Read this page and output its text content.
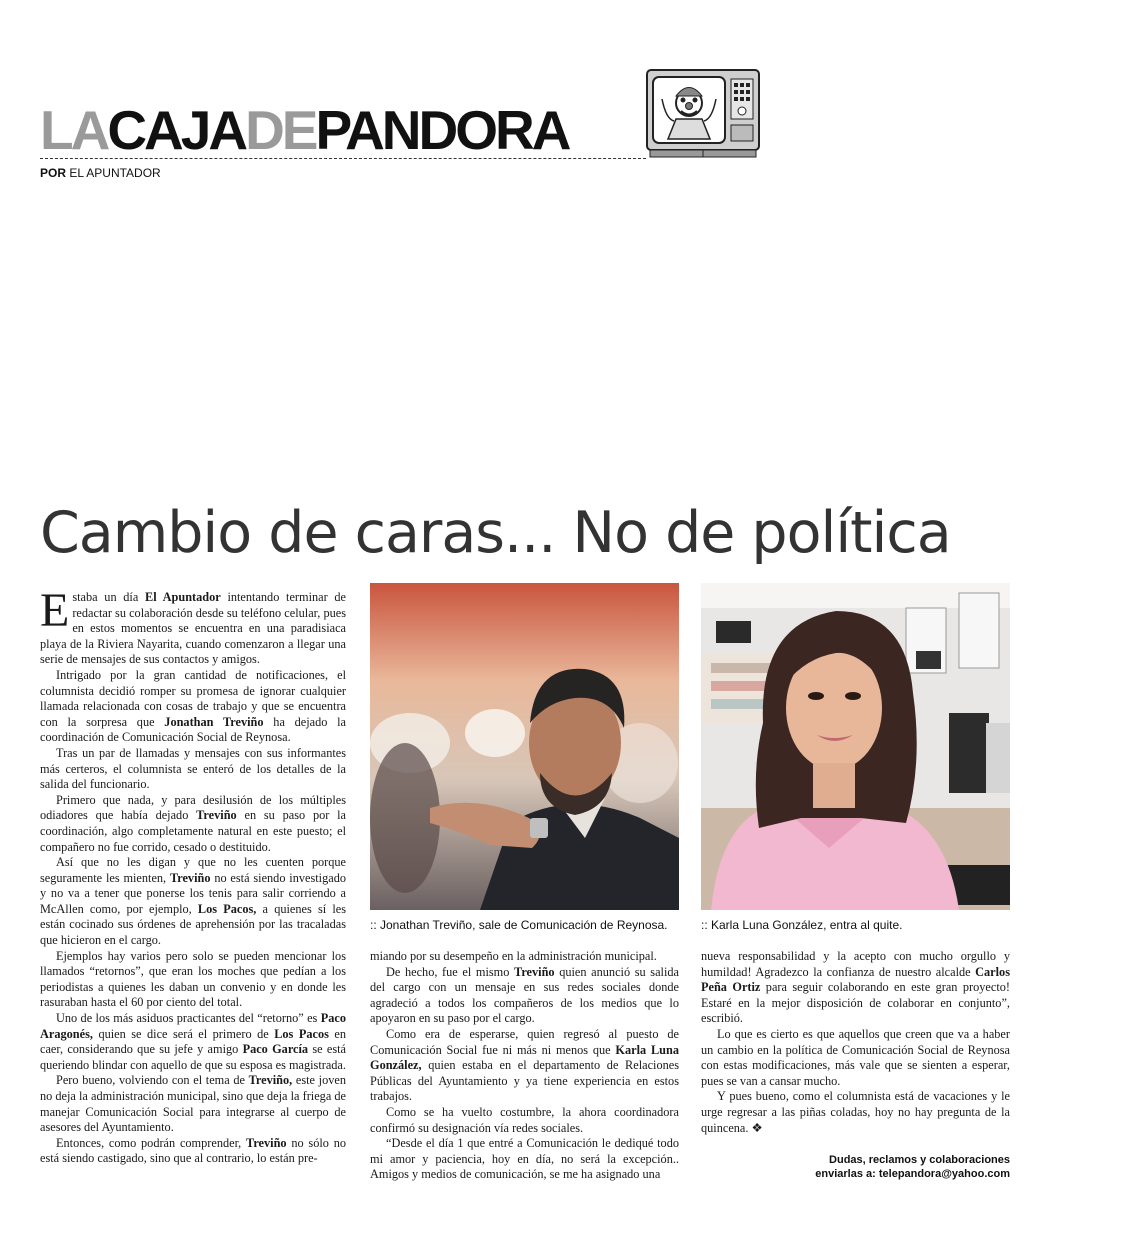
LACAJADEPANDORA
POR EL APUNTADOR
Cambio de caras... No de política
E staba un día El Apuntador intentando terminar de redactar su colaboración desde su teléfono celular, pues en estos momentos se encuentra en una paradisiaca playa de la Riviera Nayarita, cuando comenzaron a llegar una serie de mensajes de sus contactos y amigos.

Intrigado por la gran cantidad de notificaciones, el columnista decidió romper su promesa de ignorar cualquier llamada relacionada con cosas de trabajo y que se encuentra con la sorpresa que Jonathan Treviño ha dejado la coordinación de Comunicación Social de Reynosa.

Tras un par de llamadas y mensajes con sus informantes más certeros, el columnista se enteró de los detalles de la salida del funcionario.

Primero que nada, y para desilusión de los múltiples odiadores que había dejado Treviño en su paso por la coordinación, algo completamente natural en este puesto; el compañero no fue corrido, cesado o destituido.

Así que no les digan y que no les cuenten porque seguramente les mienten, Treviño no está siendo investigado y no va a tener que ponerse los tenis para salir corriendo a McAllen como, por ejemplo, Los Pacos, a quienes sí les están cocinado sus órdenes de aprehensión por las tracaladas que hicieron en el cargo.

Ejemplos hay varios pero solo se pueden mencionar los llamados “retornos”, que eran los moches que pedían a los periodistas a quienes les daban un convenio y en donde les rasuraban hasta el 60 por ciento del total.

Uno de los más asiduos practicantes del “retorno” es Paco Aragonés, quien se dice será el primero de Los Pacos en caer, considerando que su jefe y amigo Paco García se está queriendo blindar con aquello de que su esposa es magistrada.

Pero bueno, volviendo con el tema de Treviño, este joven no deja la administración municipal, sino que deja la friega de manejar Comunicación Social para integrarse al cuerpo de asesores del Ayuntamiento.

Entonces, como podrán comprender, Treviño no sólo no está siendo castigado, sino que al contrario, lo están pre-

:: Jonathan Treviño, sale de Comunicación de Reynosa.	:: Karla Luna González, entra al quite.

miando por su desempeño en la administración municipal.

De hecho, fue el mismo Treviño quien anunció su salida del cargo con un mensaje en sus redes sociales donde agradeció a todos los compañeros de los medios que lo apoyaron en su paso por el cargo.

Como era de esperarse, quien regresó al puesto de Comunicación Social fue ni más ni menos que Karla Luna González, quien estaba en el departamento de Relaciones Públicas del Ayuntamiento y ya tiene experiencia en estos trabajos.

Como se ha vuelto costumbre, la ahora coordinadora confirmó su designación vía redes sociales.

“Desde el día 1 que entré a Comunicación le dediqué todo mi amor y paciencia, hoy en día, no será la excepción.. Amigos y medios de comunicación, se me ha asignado una

nueva responsabilidad y la acepto con mucho orgullo y humildad! Agradezco la confianza de nuestro alcalde Carlos Peña Ortiz para seguir colaborando en este gran proyecto! Estaré en la mejor disposición de colaborar en conjunto”, escribió.

Lo que es cierto es que aquellos que creen que va a haber un cambio en la política de Comunicación Social de Reynosa con estas modificaciones, más vale que se sienten a esperar, pues se van a cansar mucho.

Y pues bueno, como el columnista está de vacaciones y le urge regresar a las piñas coladas, hoy no hay pregunta de la quincena. ❖

Dudas, reclamos y colaboraciones
enviarlas a: telepandora@yahoo.com
